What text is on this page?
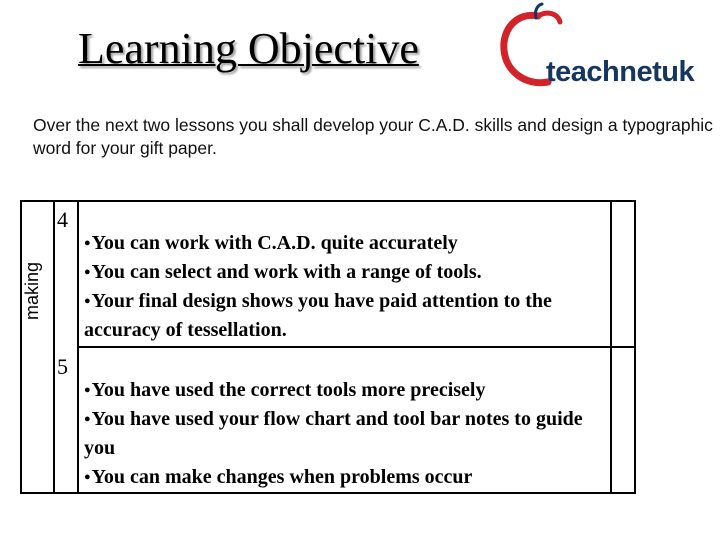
Learning Objective	teachnetuk
Over the next two lessons you shall develop your C.A.D. skills and design a typographic word for your gift paper.
making
4
● You can work with C.A.D. quite accurately
● You can select and work with a range of tools.
● Your final design shows you have paid attention to the accuracy of tessellation.
5
● You have used the correct tools more precisely
● You have used your flow chart and tool bar notes to guide you
● You can make changes when problems occur
